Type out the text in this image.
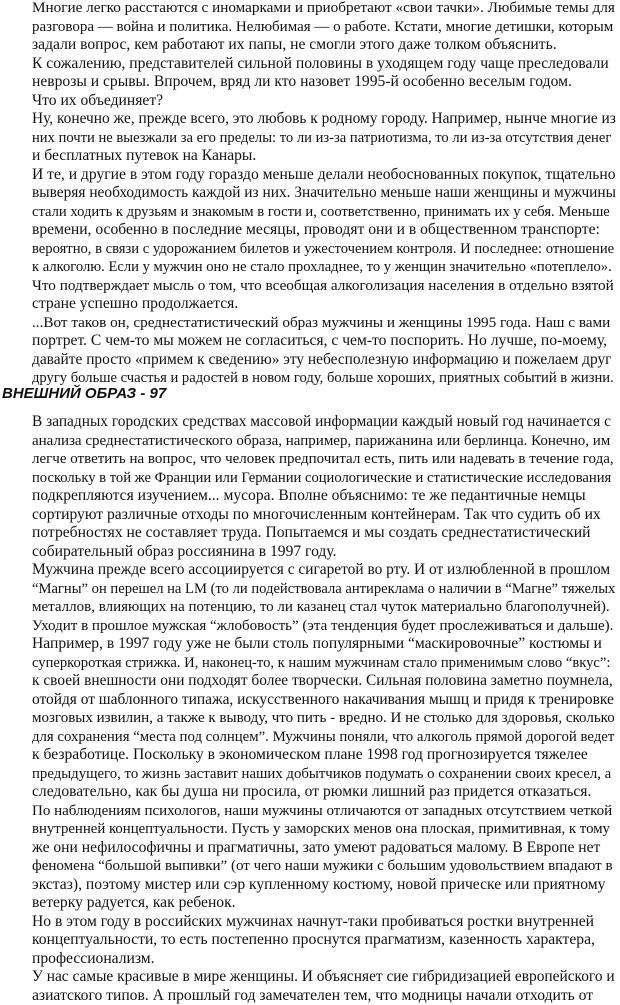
Многие легко расстаются с иномарками и приобретают «свои тачки». Любимые темы для
разговора — война и политика. Нелюбимая — о работе. Кстати, многие детишки, которым
задали вопрос, кем работают их папы, не смогли этого даже толком объяснить.
К сожалению, представителей сильной половины в уходящем году чаще преследовали
неврозы и срывы. Впрочем, вряд ли кто назовет 1995-й особенно веселым годом.
Что их объединяет?
Ну, конечно же, прежде всего, это любовь к родному городу. Например, нынче многие из
них почти не выезжали за его пределы: то ли из-за патриотизма, то ли из-за отсутствия денег
и бесплатных путевок на Канары.
И те, и другие в этом году гораздо меньше делали необоснованных покупок, тщательно
выверяя необходимость каждой из них. Значительно меньше наши женщины и мужчины
стали ходить к друзьям и знакомым в гости и, соответственно, принимать их у себя. Меньше
времени, особенно в последние месяцы, проводят они и в общественном транспорте:
вероятно, в связи с удорожанием билетов и ужесточением контроля. И последнее: отношение
к алкоголю. Если у мужчин оно не стало прохладнее, то у женщин значительно «потеплело».
Что подтверждает мысль о том, что всеобщая алкоголизация населения в отдельно взятой
стране успешно продолжается.
...Вот таков он, среднестатистический образ мужчины и женщины 1995 года. Наш с вами
портрет. С чем-то мы можем не согласиться, с чем-то поспорить. Но лучше, по-моему,
давайте просто «примем к сведению» эту небесполезную информацию и пожелаем друг
другу больше счастья и радостей в новом году, больше хороших, приятных событий в жизни.
ВНЕШНИЙ ОБРАЗ - 97
В западных городских средствах массовой информации каждый новый год начинается с
анализа среднестатистического образа, например, парижанина или берлинца. Конечно, им
легче ответить на вопрос, что человек предпочитал есть, пить или надевать в течение года,
поскольку в той же Франции или Германии социологические и статистические исследования
подкрепляются изучением... мусора. Вполне объяснимо: те же педантичные немцы
сортируют различные отходы по многочисленным контейнерам. Так что судить об их
потребностях не составляет труда. Попытаемся и мы создать среднестатистический
собирательный образ россиянина в 1997 году.
Мужчина прежде всего ассоциируется с сигаретой во рту. И от излюбленной в прошлом
“Магны” он перешел на LM (то ли подействовала антиреклама о наличии в “Магне” тяжелых
металлов, влияющих на потенцию, то ли казанец стал чуток материально благополучней).
Уходит в прошлое мужская “жлобовость” (эта тенденция будет прослеживаться и дальше).
Например, в 1997 году уже не были столь популярными “маскировочные” костюмы и
суперкороткая стрижка. И, наконец-то, к нашим мужчинам стало применимым слово “вкус”:
к своей внешности они подходят более творчески. Сильная половина заметно поумнела,
отойдя от шаблонного типажа, искусственного накачивания мышц и придя к тренировке
мозговых извилин, а также к выводу, что пить - вредно. И не столько для здоровья, сколько
для сохранения “места под солнцем”. Мужчины поняли, что алкоголь прямой дорогой ведет
к безработице. Поскольку в экономическом плане 1998 год прогнозируется тяжелее
предыдущего, то жизнь заставит наших добытчиков подумать о сохранении своих кресел, а
следовательно, как бы душа ни просила, от рюмки лишний раз придется отказаться.
По наблюдениям психологов, наши мужчины отличаются от западных отсутствием четкой
внутренней концептуальности. Пусть у заморских менов она плоская, примитивная, к тому
же они нефилософичны и прагматичны, зато умеют радоваться малому. В Европе нет
феномена “большой выпивки” (от чего наши мужики с большим удовольствием впадают в
экстаз), поэтому мистер или сэр купленному костюму, новой прическе или приятному
ветерку радуется, как ребенок.
Но в этом году в российских мужчинах начнут-таки пробиваться ростки внутренней
концептуальности, то есть постепенно проснутся прагматизм, казенность характера,
профессионализм.
У нас самые красивые в мире женщины. И объясняет сие гибридизацией европейского и
азиатского типов. А прошлый год замечателен тем, что модницы начали отходить от
